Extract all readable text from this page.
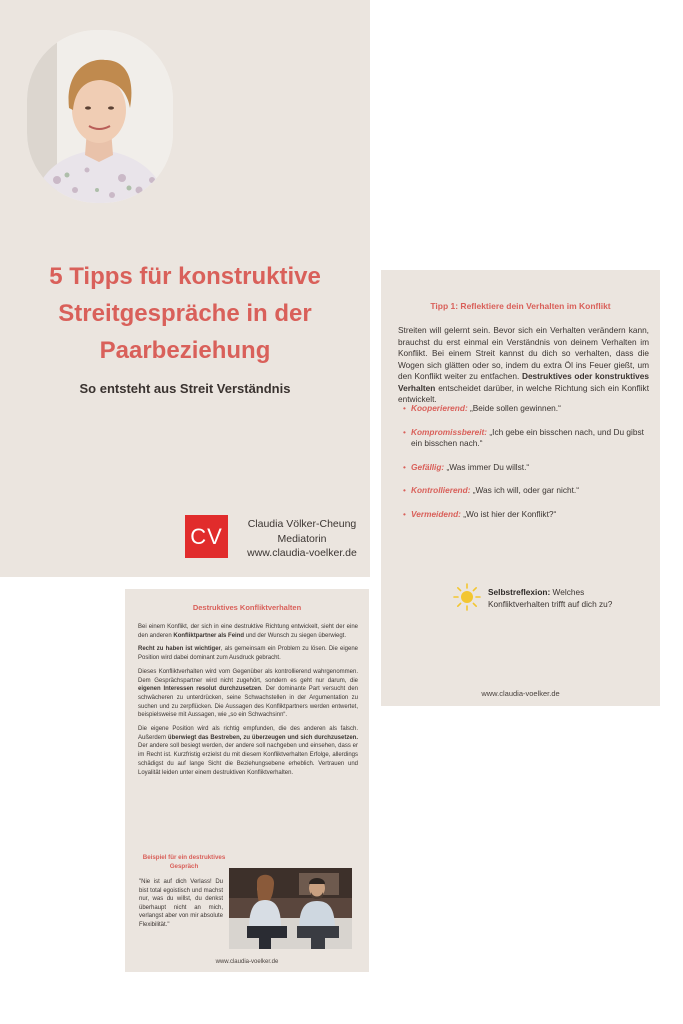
5 Tipps für konstruktive
Streitgespräche in der
Paarbeziehung
So entsteht aus Streit Verständnis
CV	Claudia Völker-Cheung
Mediatorin
www.claudia-voelker.de
Tipp 1: Reflektiere dein Verhalten im Konflikt
Streiten will gelernt sein. Bevor sich ein Verhalten verändern kann, brauchst du erst einmal ein Verständnis von deinem Verhalten im Konflikt. Bei einem Streit kannst du dich so verhalten, dass die Wogen sich glätten oder so, indem du extra Öl ins Feuer gießt, um den Konflikt weiter zu entfachen. Destruktives oder konstruktives Verhalten entscheidet darüber, in welche Richtung sich ein Konflikt entwickelt.
• Kooperierend: „Beide sollen gewinnen.“
• Kompromissbereit: „Ich gebe ein bisschen nach, und Du gibst ein bisschen nach.“
• Gefällig: „Was immer Du willst.“
• Kontrollierend: „Was ich will, oder gar nicht.“
• Vermeidend: „Wo ist hier der Konflikt?“
Selbstreflexion: Welches Konfliktverhalten trifft auf dich zu?
www.claudia-voelker.de
Destruktives Konfliktverhalten

Bei einem Konflikt, der sich in eine destruktive Richtung entwickelt, sieht der eine den anderen Konfliktpartner als Feind und der Wunsch zu siegen überwiegt.

Recht zu haben ist wichtiger, als gemeinsam ein Problem zu lösen. Die eigene Position wird dabei dominant zum Ausdruck gebracht.

Dieses Konfliktverhalten wird vom Gegenüber als kontrollierend wahrgenommen. Dem Gesprächspartner wird nicht zugehört, sondern es geht nur darum, die eigenen Interessen resolut durchzusetzen. Der dominante Part versucht den schwächeren zu unterdrücken, seine Schwachstellen in der Argumentation zu suchen und zu zerpflücken. Die Aussagen des Konfliktpartners werden entwertet, beispielsweise mit Aussagen, wie „so ein Schwachsinn“.

Die eigene Position wird als richtig empfunden, die des anderen als falsch. Außerdem überwiegt das Bestreben, zu überzeugen und sich durchzusetzen. Der andere soll besiegt werden, der andere soll nachgeben und einsehen, dass er im Recht ist. Kurzfristig erzielst du mit diesem Konfliktverhalten Erfolge, allerdings schädigst du auf lange Sicht die Beziehungsebene erheblich. Vertrauen und Loyalität leiden unter einem destruktiven Konfliktverhalten.

Beispiel für ein destruktives Gespräch
"Nie ist auf dich Verlass! Du bist total egoistisch und machst nur, was du willst, du denkst überhaupt nicht an mich, verlangst aber von mir absolute Flexibilität."
www.claudia-voelker.de
